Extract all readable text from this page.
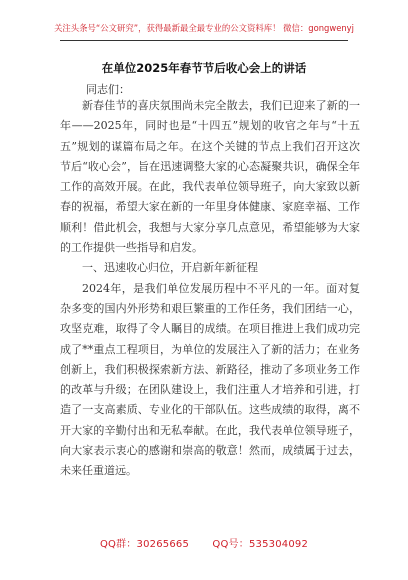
关注头条号“公文研究”，获得最新最全最专业的公文资料库！ 微信：gongwenyj
在单位2025年春节节后收心会上的讲话
同志们：

新春佳节的喜庆氛围尚未完全散去，我们已迎来了新的一年——2025年，同时也是“十四五”规划的收官之年与“十五五”规划的谋篇布局之年。在这个关键的节点上我们召开这次节后“收心会”，旨在迅速调整大家的心态凝聚共识，确保全年工作的高效开展。在此，我代表单位领导班子，向大家致以新春的祝福，希望大家在新的一年里身体健康、家庭幸福、工作顺利！借此机会，我想与大家分享几点意见，希望能够为大家的工作提供一些指导和启发。

一、迅速收心归位，开启新年新征程

2024年，是我们单位发展历程中不平凡的一年。面对复杂多变的国内外形势和艰巨繁重的工作任务，我们团结一心，攻坚克难，取得了令人瞩目的成绩。在项目推进上我们成功完成了**重点工程项目，为单位的发展注入了新的活力；在业务创新上，我们积极探索新方法、新路径，推动了多项业务工作的改革与升级；在团队建设上，我们注重人才培养和引进，打造了一支高素质、专业化的干部队伍。这些成绩的取得，离不开大家的辛勤付出和无私奉献。在此，我代表单位领导班子，向大家表示衷心的感谢和崇高的敬意！然而，成绩属于过去，未来任重道远。

QQ群：30265665 QQ号：535304092
